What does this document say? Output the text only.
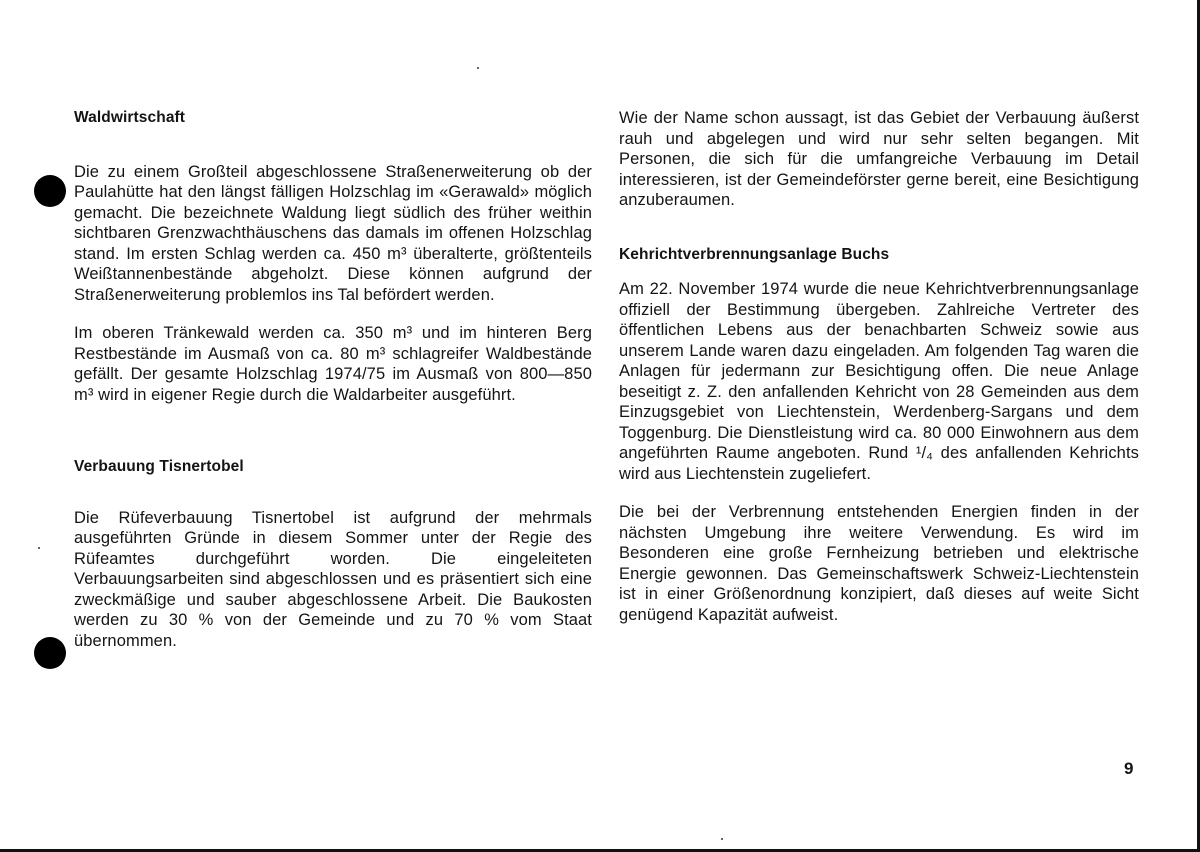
Waldwirtschaft

Die zu einem Großteil abgeschlossene Straßenerweiterung ob der Paulahütte hat den längst fälligen Holzschlag im «Gerawald» möglich gemacht. Die bezeichnete Waldung liegt südlich des früher weithin sichtbaren Grenzwachthäuschens das damals im offenen Holzschlag stand. Im ersten Schlag werden ca. 450 m³ überalterte, größtenteils Weißtannenbestände abgeholzt. Diese können aufgrund der Straßenerweiterung problemlos ins Tal befördert werden.

Im oberen Tränkewald werden ca. 350 m³ und im hinteren Berg Restbestände im Ausmaß von ca. 80 m³ schlagreifer Waldbestände gefällt. Der gesamte Holzschlag 1974/75 im Ausmaß von 800—850 m³ wird in eigener Regie durch die Waldarbeiter ausgeführt.

Verbauung Tisnertobel

Die Rüfeverbauung Tisnertobel ist aufgrund der mehrmals ausgeführten Gründe in diesem Sommer unter der Regie des Rüfeamtes durchgeführt worden. Die eingeleiteten Verbauungsarbeiten sind abgeschlossen und es präsentiert sich eine zweckmäßige und sauber abgeschlossene Arbeit. Die Baukosten werden zu 30 % von der Gemeinde und zu 70 % vom Staat übernommen.

Wie der Name schon aussagt, ist das Gebiet der Verbauung äußerst rauh und abgelegen und wird nur sehr selten begangen. Mit Personen, die sich für die umfangreiche Verbauung im Detail interessieren, ist der Gemeindeförster gerne bereit, eine Besichtigung anzuberaumen.

Kehrichtverbrennungsanlage Buchs

Am 22. November 1974 wurde die neue Kehrichtverbrennungsanlage offiziell der Bestimmung übergeben. Zahlreiche Vertreter des öffentlichen Lebens aus der benachbarten Schweiz sowie aus unserem Lande waren dazu eingeladen. Am folgenden Tag waren die Anlagen für jedermann zur Besichtigung offen. Die neue Anlage beseitigt z. Z. den anfallenden Kehricht von 28 Gemeinden aus dem Einzugsgebiet von Liechtenstein, Werdenberg-Sargans und dem Toggenburg. Die Dienstleistung wird ca. 80 000 Einwohnern aus dem angeführten Raume angeboten. Rund ¹/₄ des anfallenden Kehrichts wird aus Liechtenstein zugeliefert.

Die bei der Verbrennung entstehenden Energien finden in der nächsten Umgebung ihre weitere Verwendung. Es wird im Besonderen eine große Fernheizung betrieben und elektrische Energie gewonnen. Das Gemeinschaftswerk Schweiz-Liechtenstein ist in einer Größenordnung konzipiert, daß dieses auf weite Sicht genügend Kapazität aufweist.

9
